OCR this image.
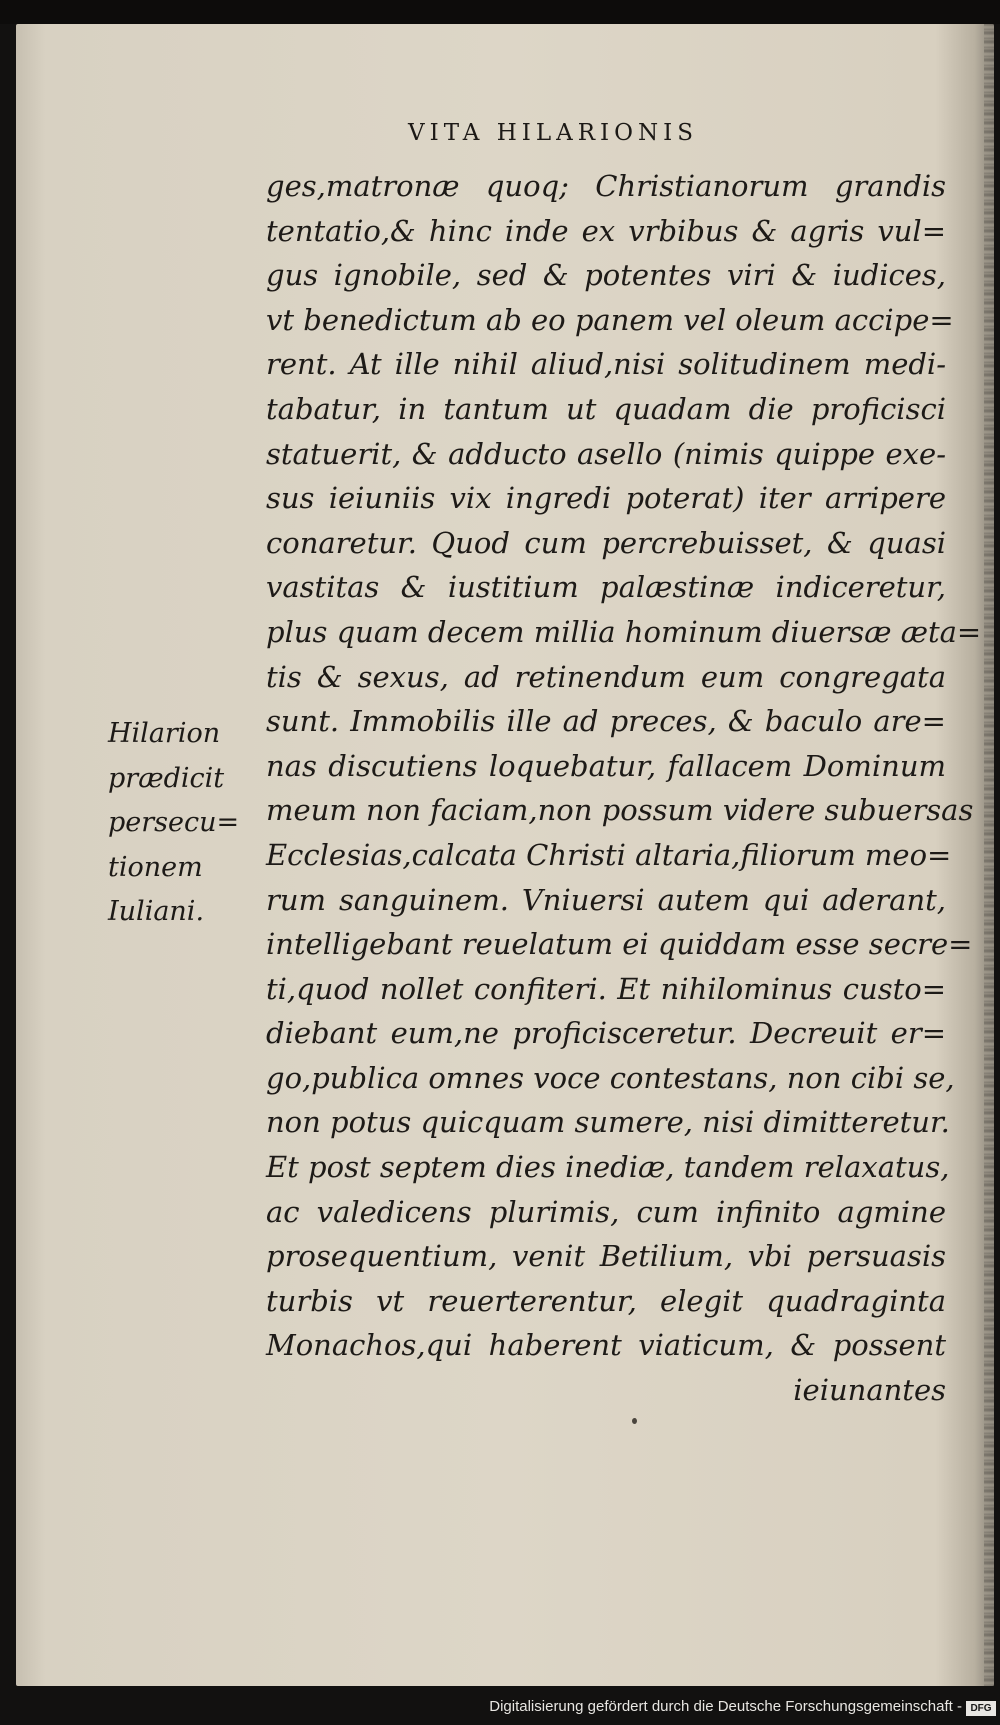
VITA HILARIONIS
ges,matronæ quoq; Christianorum grandis
tentatio,& hinc inde ex vrbibus & agris vul=
gus ignobile, sed & potentes viri & iudices,
vt benedictum ab eo panem vel oleum accipe=
rent. At ille nihil aliud,nisi solitudinem medi-
tabatur, in tantum ut quadam die proficisci
statuerit, & adducto asello (nimis quippe exe-
sus ieiuniis vix ingredi poterat) iter arripere
conaretur. Quod cum percrebuisset, & quasi
vastitas & iustitium palæstinæ indiceretur,
plus quam decem millia hominum diuersæ æta=
tis & sexus, ad retinendum eum congregata
sunt. Immobilis ille ad preces, & baculo are=
nas discutiens loquebatur, fallacem Dominum
meum non faciam,non possum videre subuersas
Ecclesias,calcata Christi altaria,filiorum meo=
rum sanguinem. Vniuersi autem qui aderant,
intelligebant reuelatum ei quiddam esse secre=
ti,quod nollet confiteri. Et nihilominus custo=
diebant eum,ne proficisceretur. Decreuit er=
go,publica omnes voce contestans, non cibi se,
non potus quicquam sumere, nisi dimitteretur.
Et post septem dies inediæ, tandem relaxatus,
ac valedicens plurimis, cum infinito agmine
prosequentium, venit Betilium, vbi persuasis
turbis vt reuerterentur, elegit quadraginta
Monachos,qui haberent viaticum, & possent
ieiunantes
Hilarion
prædicit
persecu=
tionem
Iuliani.
Digitalisierung gefördert durch die Deutsche Forschungsgemeinschaft - DFG
